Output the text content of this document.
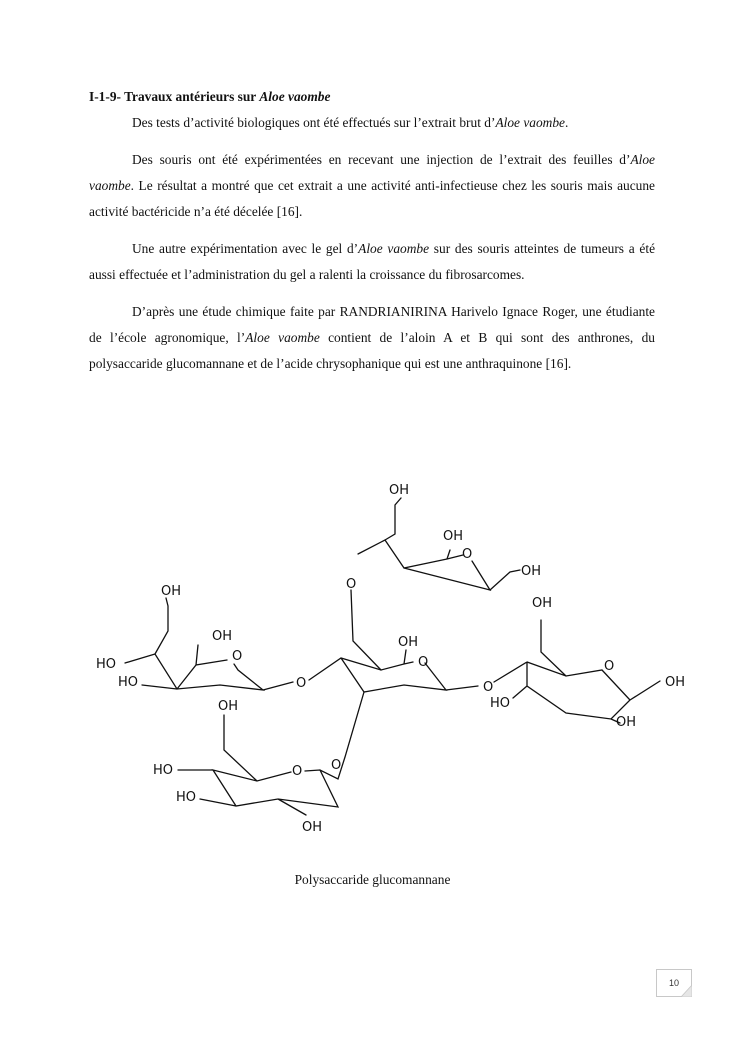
I-1-9- Travaux antérieurs sur Aloe vaombe

Des tests d’activité biologiques ont été effectués sur l’extrait brut d’Aloe vaombe.

Des souris ont été expérimentées en recevant une injection de l’extrait des feuilles d’Aloe vaombe. Le résultat a montré que cet extrait a une activité anti-infectieuse chez les souris mais aucune activité bactéricide n’a été décelée [16].

Une autre expérimentation avec le gel d’Aloe vaombe sur des souris atteintes de tumeurs a été aussi effectuée et l’administration du gel a ralenti la croissance du fibrosarcomes.

D’après une étude chimique faite par RANDRIANIRINA Harivelo Ignace Roger, une étudiante de l’école agronomique, l’Aloe vaombe contient de l’aloin A et B qui sont des anthrones, du polysaccaride glucomannane et de l’acide chrysophanique qui est une anthraquinone [16].

OH
OH
O
OH
O
OH
OH
OH
O
OH
O
HO	O
HO	O	O	OH
HO
OH
OH
O
HO	O
HO
OH
Polysaccaride glucomannane
10
